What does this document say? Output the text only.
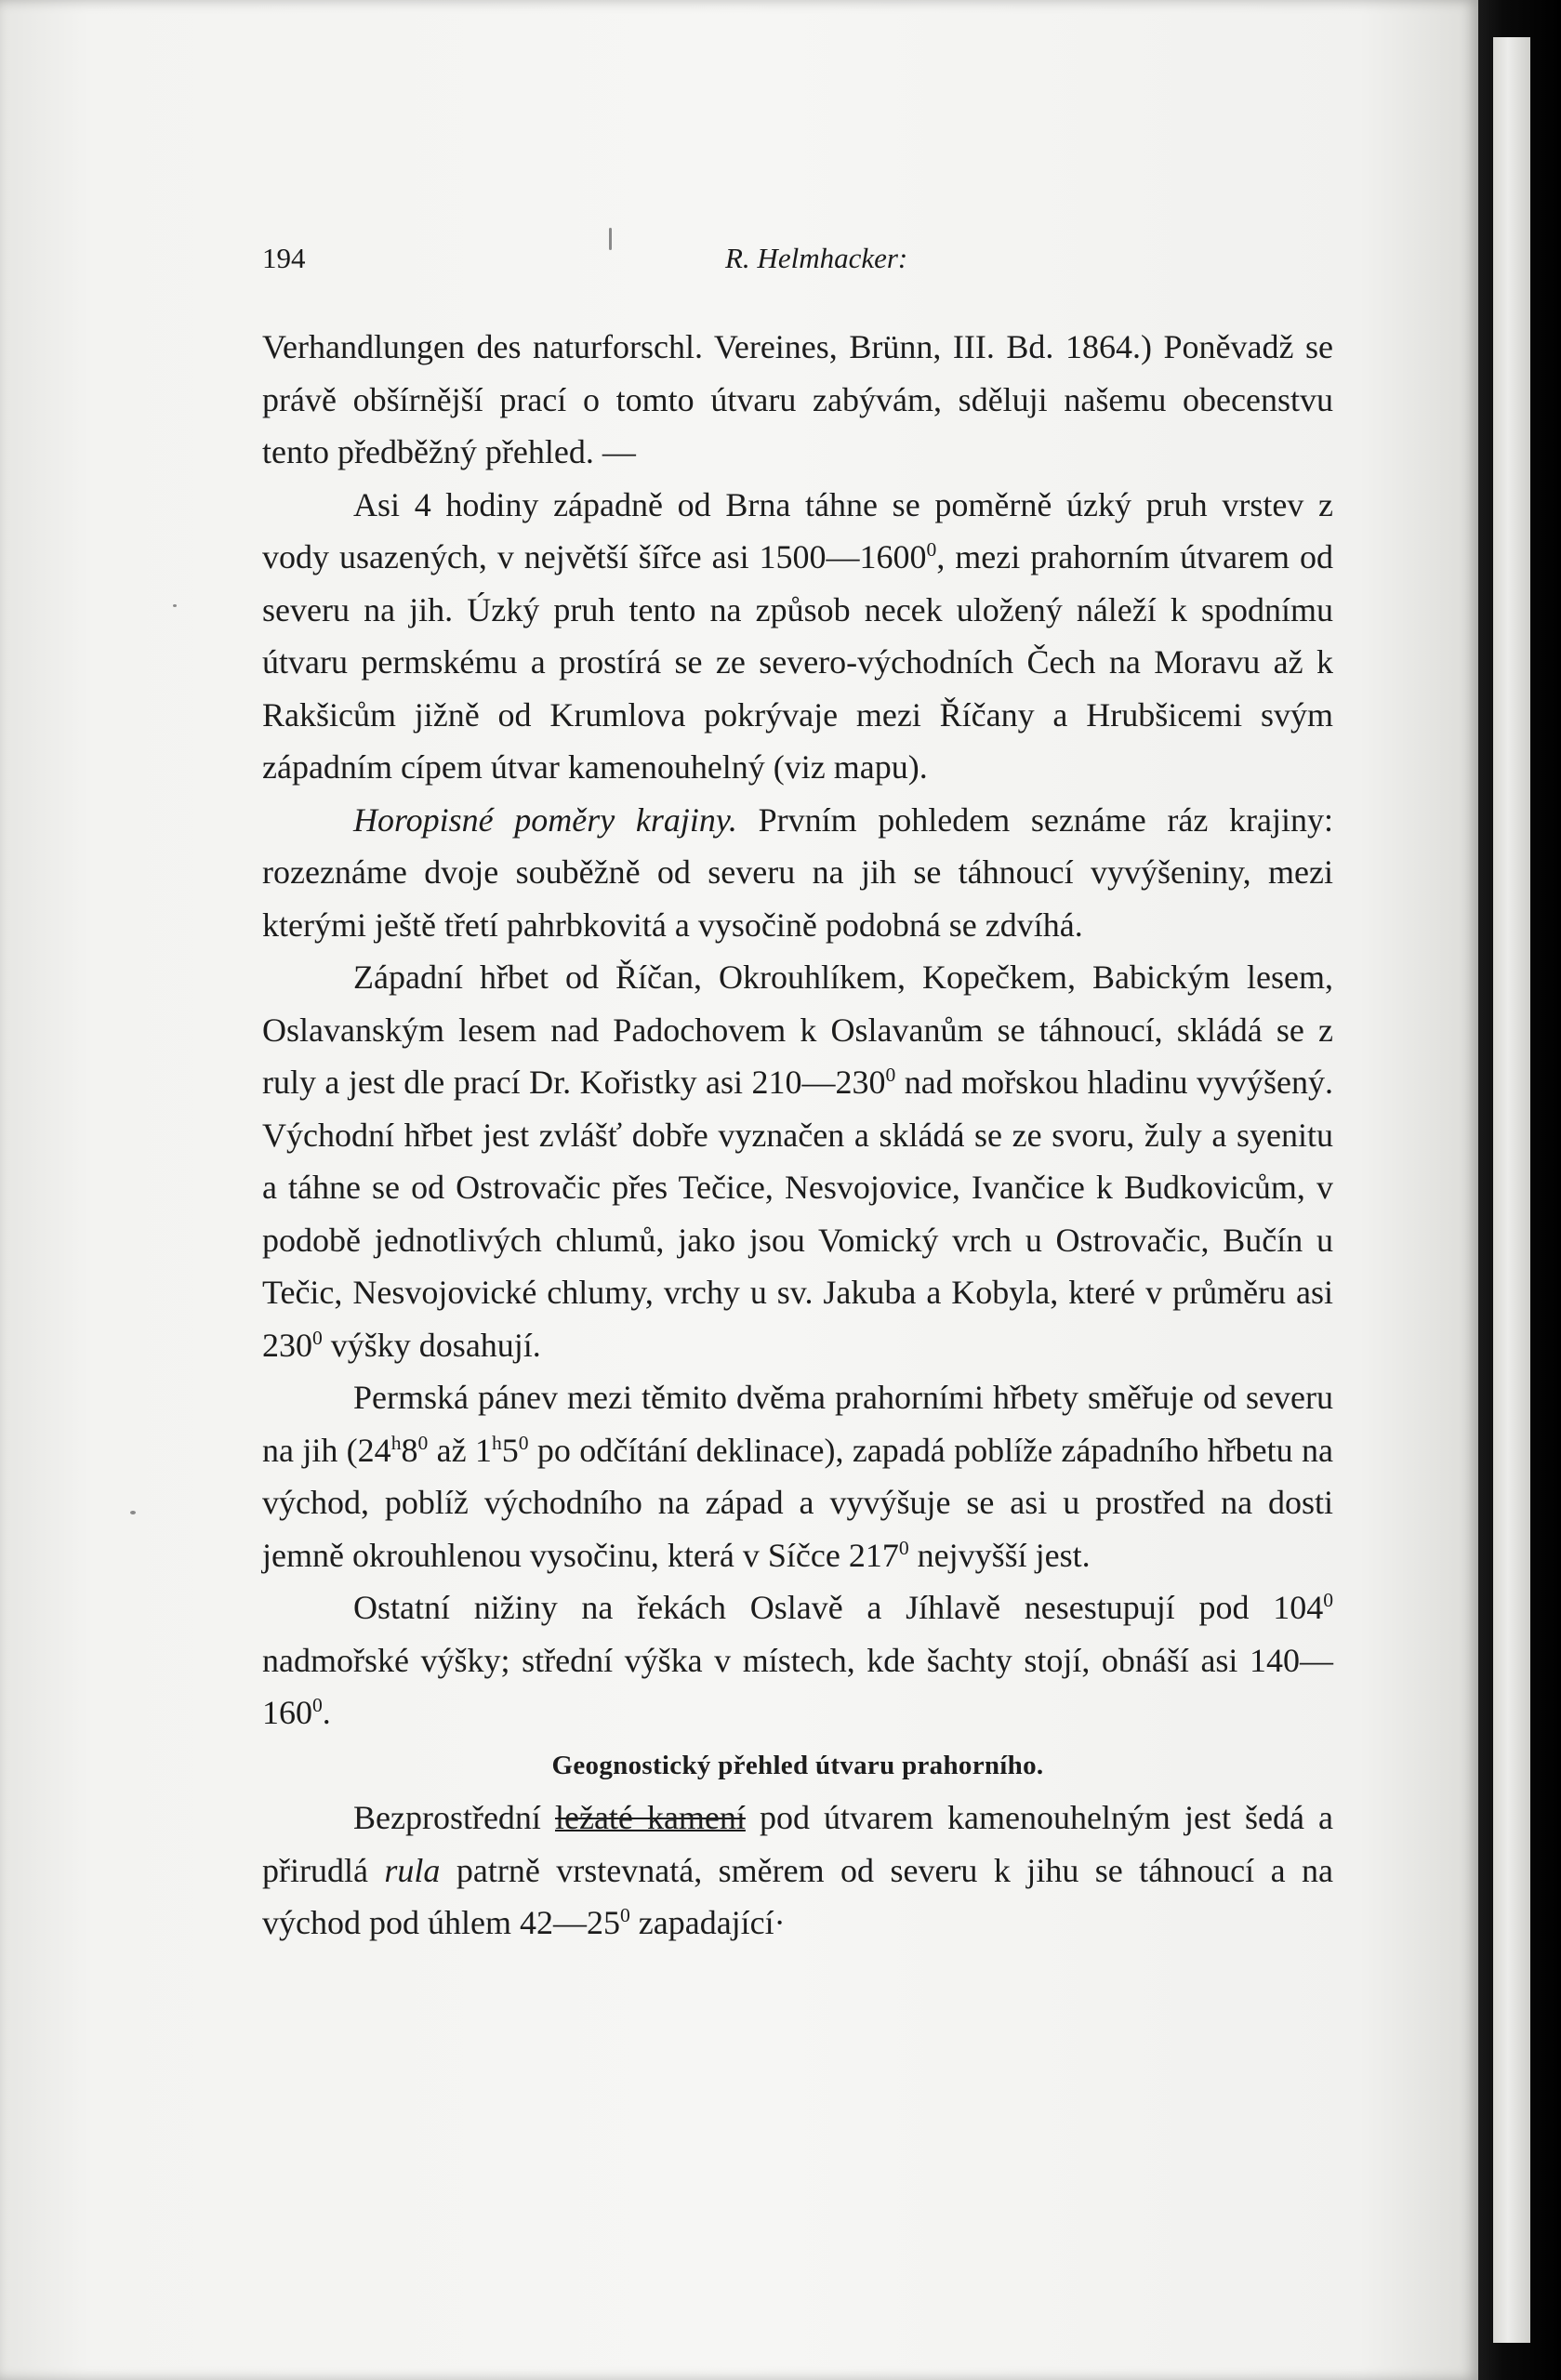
194	R. Helmhacker:

Verhandlungen des naturforschl. Vereines, Brünn, III. Bd. 1864.) Poněvadž se právě obšírnější prací o tomto útvaru zabývám, sděluji našemu obecenstvu tento předběžný přehled. —

Asi 4 hodiny západně od Brna táhne se poměrně úzký pruh vrstev z vody usazených, v největší šířce asi 1500—1600$^0$, mezi prahorním útvarem od severu na jih. Úzký pruh tento na způsob necek uložený náleží k spodnímu útvaru permskému a prostírá se ze severo-východních Čech na Moravu až k Rakšicům jižně od Krumlova pokrývaje mezi Říčany a Hrubšicemi svým západním cípem útvar kamenouhelný (viz mapu).

Horopisné poměry krajiny. Prvním pohledem seznáme ráz krajiny: rozeznáme dvoje souběžně od severu na jih se táhnoucí vyvýšeniny, mezi kterými ještě třetí pahrbkovitá a vysočině podobná se zdvíhá.

Západní hřbet od Říčan, Okrouhlíkem, Kopečkem, Babickým lesem, Oslavanským lesem nad Padochovem k Oslavanům se táhnoucí, skládá se z ruly a jest dle prací Dr. Kořistky asi $210—230^0$ nad mořskou hladinu vyvýšený. Východní hřbet jest zvlášť dobře vyznačen a skládá se ze svoru, žuly a syenitu a táhne se od Ostrovačic přes Tečice, Nesvojovice, Ivančice k Budkovicům, v podobě jednotlivých chlumů, jako jsou Vomický vrch u Ostrovačic, Bučín u Tečic, Nesvojovické chlumy, vrchy u sv. Jakuba a Kobyla, které v průměru asi $230^0$ výšky dosahují.

Permská pánev mezi těmito dvěma prahorními hřbety směřuje od severu na jih ($24^h8^0$ až $1^h5^0$ po odčítání deklinace), zapadá poblíže západního hřbetu na východ, poblíž východního na západ a vyvýšuje se asi u prostřed na dosti jemně okrouhlenou vysočinu, která v Síčce $217^0$ nejvyšší jest.

Ostatní nižiny na řekách Oslavě a Jíhlavě nesestupují pod $104^0$ nadmořské výšky; střední výška v místech, kde šachty stojí, obnáší asi $140—160^0$.

Geognostický přehled útvaru prahorního.

Bezprostřední ležaté kamení pod útvarem kamenouhelným jest šedá a přirudlá rula patrně vrstevnatá, směrem od severu k jihu se táhnoucí a na východ pod úhlem $42—25^0$ zapadající·
